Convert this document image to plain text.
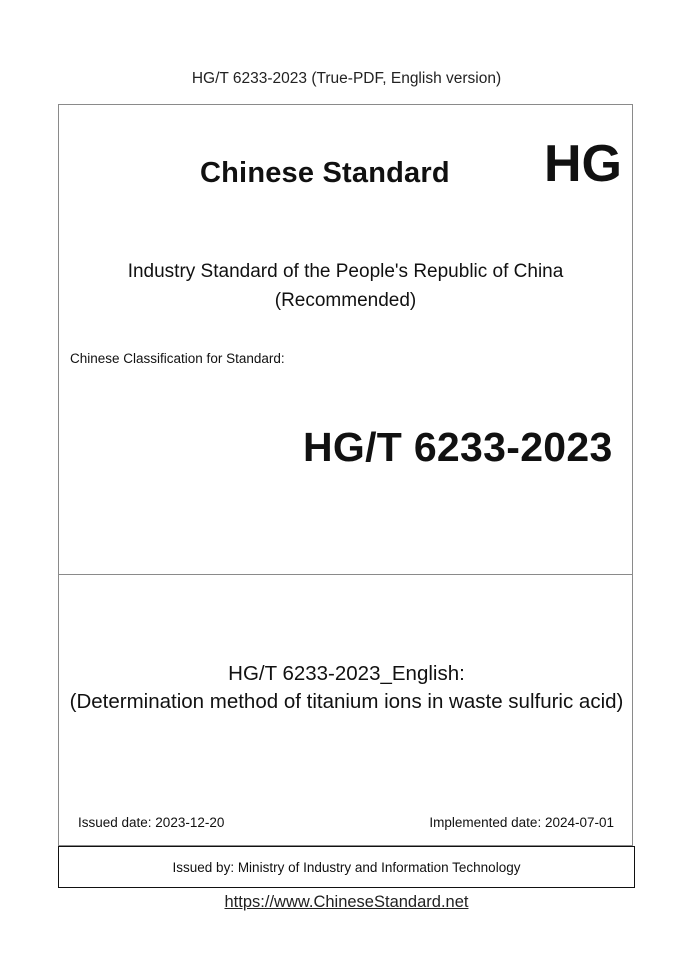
HG/T 6233-2023 (True-PDF, English version)
Chinese Standard HG
Industry Standard of the People's Republic of China
(Recommended)
Chinese Classification for Standard:
HG/T 6233-2023
HG/T 6233-2023_English:
(Determination method of titanium ions in waste sulfuric acid)
Issued date: 2023-12-20	Implemented date: 2024-07-01
Issued by: Ministry of Industry and Information Technology
https://www.ChineseStandard.net
